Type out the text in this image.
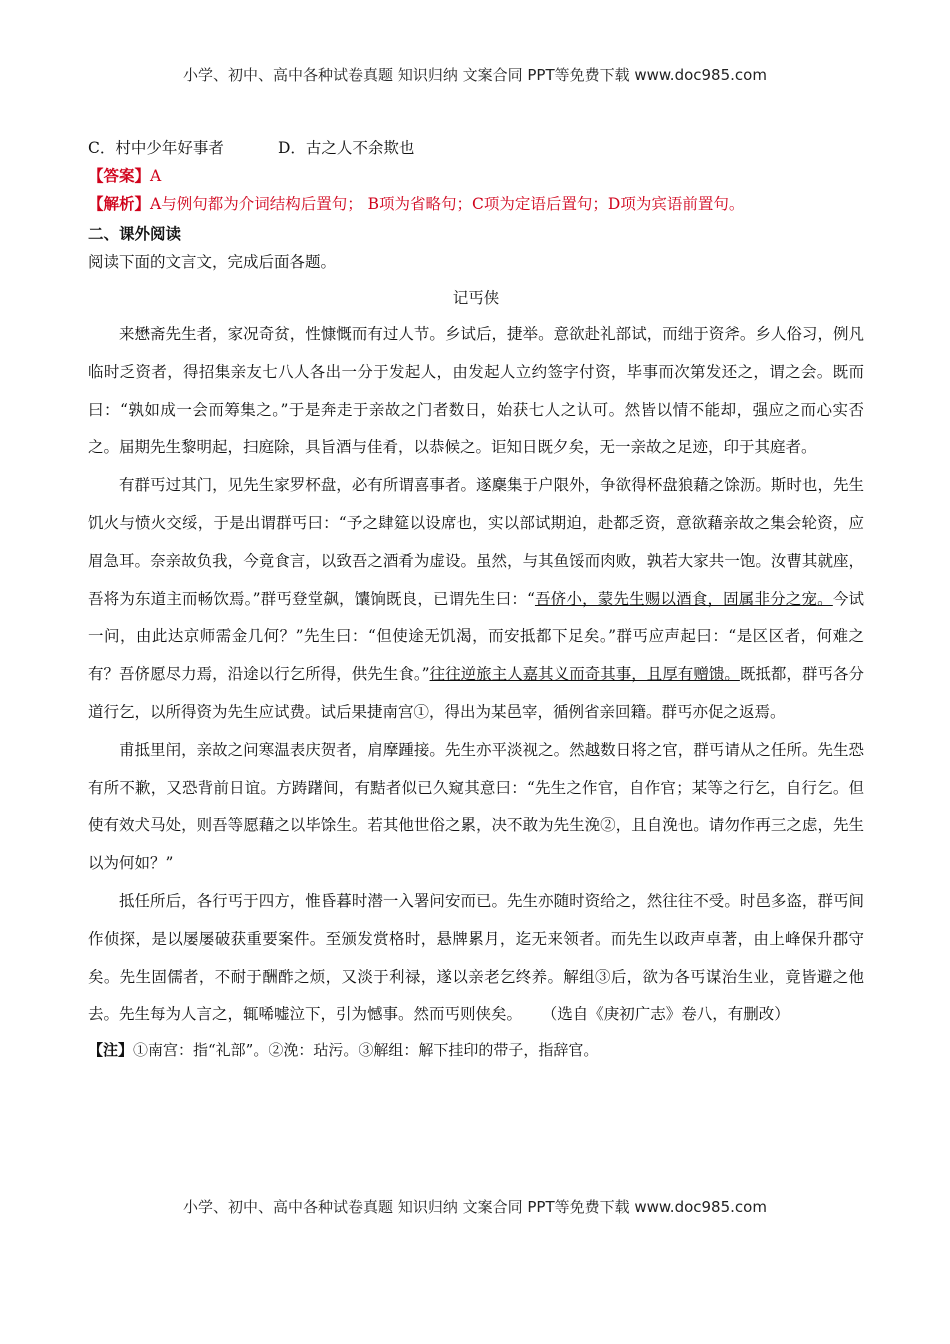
小学、初中、高中各种试卷真题 知识归纳 文案合同 PPT等免费下载 www.doc985.com
C．村中少年好事者	D．古之人不余欺也
【答案】A
【解析】A与例句都为介词结构后置句； B项为省略句；C项为定语后置句；D项为宾语前置句。
二、课外阅读
阅读下面的文言文，完成后面各题。
记丐侠

来懋斋先生者，家况奇贫，性慷慨而有过人节。乡试后，捷举。意欲赴礼部试，而绌于资斧。乡人俗习，例凡临时乏资者，得招集亲友七八人各出一分于发起人，由发起人立约签字付资，毕事而次第发还之，谓之会。既而曰：“孰如成一会而筹集之。”于是奔走于亲故之门者数日，始获七人之认可。然皆以情不能却，强应之而心实否之。届期先生黎明起，扫庭除，具旨酒与佳肴，以恭候之。讵知日既夕矣，无一亲故之足迹，印于其庭者。

有群丐过其门，见先生家罗杯盘，必有所谓喜事者。遂麇集于户限外，争欲得杯盘狼藉之馀沥。斯时也，先生饥火与愤火交绥，于是出谓群丐曰：“予之肆筵以设席也，实以部试期迫，赴都乏资，意欲藉亲故之集会轮资，应眉急耳。奈亲故负我，今竟食言，以致吾之酒肴为虚设。虽然，与其鱼馁而肉败，孰若大家共一饱。汝曹其就座，吾将为东道主而畅饮焉。”群丐登堂飙，馕饷既良，已谓先生曰：“吾侪小，蒙先生赐以酒食，固属非分之宠。今试一问，由此达京师需金几何？”先生曰：“但使途无饥渴，而安抵都下足矣。”群丐应声起曰：“是区区者，何难之有？吾侪愿尽力焉，沿途以行乞所得，供先生食。”往往逆旅主人嘉其义而奇其事，且厚有赠馈。既抵都，群丐各分道行乞，以所得资为先生应试费。试后果捷南宫①，得出为某邑宰，循例省亲回籍。群丐亦促之返焉。

甫抵里闬，亲故之问寒温表庆贺者，肩摩踵接。先生亦平淡视之。然越数日将之官，群丐请从之任所。先生恐有所不歉，又恐背前日谊。方踌躇间，有黠者似已久窥其意曰：“先生之作官，自作官；某等之行乞，自行乞。但使有效犬马处，则吾等愿藉之以毕馀生。若其他世俗之累，决不敢为先生浼②，且自浼也。请勿作再三之虑，先生以为何如？”

抵任所后，各行丐于四方，惟昏暮时潜一入署问安而已。先生亦随时资给之，然往往不受。时邑多盗，群丐间作侦探，是以屡屡破获重要案件。至颁发赏格时，悬牌累月，迄无来领者。而先生以政声卓著，由上峰保升郡守矣。先生固儒者，不耐于酬酢之烦，又淡于利禄，遂以亲老乞终养。解组③后，欲为各丐谋治生业，竟皆避之他去。先生每为人言之，辄唏嘘泣下，引为憾事。然而丐则侠矣。 （选自《庚初广志》卷八，有删改）

【注】①南宫：指“礼部”。②浼：玷污。③解组：解下挂印的带子，指辞官。
小学、初中、高中各种试卷真题 知识归纳 文案合同 PPT等免费下载 www.doc985.com
